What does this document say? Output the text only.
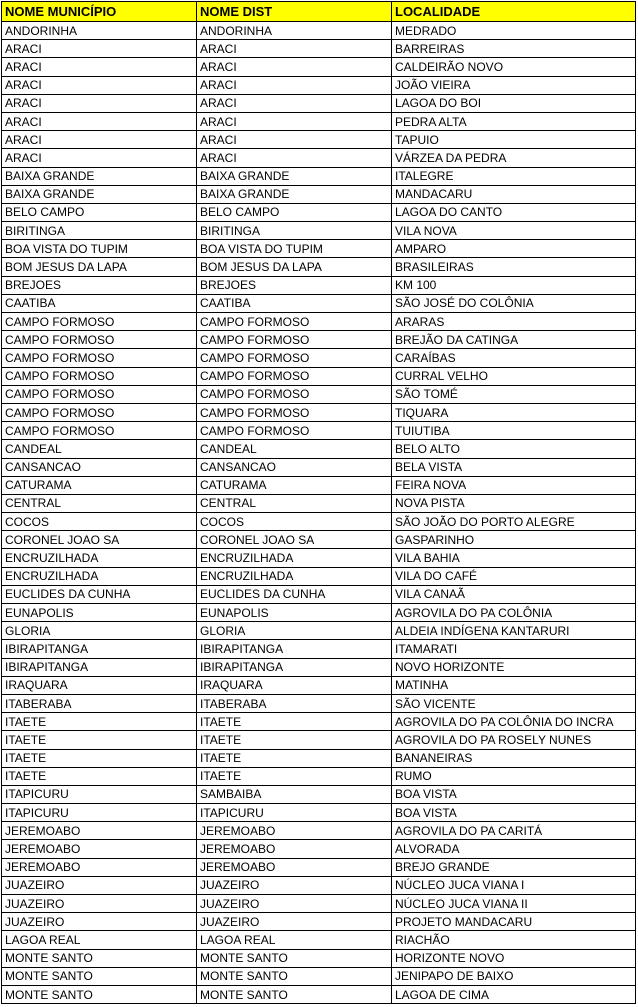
NOME MUNICÍPIO	NOME DIST	LOCALIDADE
ANDORINHA	ANDORINHA	MEDRADO
ARACI	ARACI	BARREIRAS
ARACI	ARACI	CALDEIRÃO NOVO
ARACI	ARACI	JOÃO VIEIRA
ARACI	ARACI	LAGOA DO BOI
ARACI	ARACI	PEDRA ALTA
ARACI	ARACI	TAPUIO
ARACI	ARACI	VÁRZEA DA PEDRA
BAIXA GRANDE	BAIXA GRANDE	ITALEGRE
BAIXA GRANDE	BAIXA GRANDE	MANDACARU
BELO CAMPO	BELO CAMPO	LAGOA DO CANTO
BIRITINGA	BIRITINGA	VILA NOVA
BOA VISTA DO TUPIM	BOA VISTA DO TUPIM	AMPARO
BOM JESUS DA LAPA	BOM JESUS DA LAPA	BRASILEIRAS
BREJOES	BREJOES	KM 100
CAATIBA	CAATIBA	SÃO JOSÉ DO COLÔNIA
CAMPO FORMOSO	CAMPO FORMOSO	ARARAS
CAMPO FORMOSO	CAMPO FORMOSO	BREJÃO DA CATINGA
CAMPO FORMOSO	CAMPO FORMOSO	CARAÍBAS
CAMPO FORMOSO	CAMPO FORMOSO	CURRAL VELHO
CAMPO FORMOSO	CAMPO FORMOSO	SÃO TOMÉ
CAMPO FORMOSO	CAMPO FORMOSO	TIQUARA
CAMPO FORMOSO	CAMPO FORMOSO	TUIUTIBA
CANDEAL	CANDEAL	BELO ALTO
CANSANCAO	CANSANCAO	BELA VISTA
CATURAMA	CATURAMA	FEIRA NOVA
CENTRAL	CENTRAL	NOVA PISTA
COCOS	COCOS	SÃO JOÃO DO PORTO ALEGRE
CORONEL JOAO SA	CORONEL JOAO SA	GASPARINHO
ENCRUZILHADA	ENCRUZILHADA	VILA BAHIA
ENCRUZILHADA	ENCRUZILHADA	VILA DO CAFÉ
EUCLIDES DA CUNHA	EUCLIDES DA CUNHA	VILA CANAÃ
EUNAPOLIS	EUNAPOLIS	AGROVILA DO PA COLÔNIA
GLORIA	GLORIA	ALDEIA INDÍGENA KANTARURI
IBIRAPITANGA	IBIRAPITANGA	ITAMARATI
IBIRAPITANGA	IBIRAPITANGA	NOVO HORIZONTE
IRAQUARA	IRAQUARA	MATINHA
ITABERABA	ITABERABA	SÃO VICENTE
ITAETE	ITAETE	AGROVILA DO PA COLÔNIA DO INCRA
ITAETE	ITAETE	AGROVILA DO PA ROSELY NUNES
ITAETE	ITAETE	BANANEIRAS
ITAETE	ITAETE	RUMO
ITAPICURU	SAMBAIBA	BOA VISTA
ITAPICURU	ITAPICURU	BOA VISTA
JEREMOABO	JEREMOABO	AGROVILA DO PA CARITÁ
JEREMOABO	JEREMOABO	ALVORADA
JEREMOABO	JEREMOABO	BREJO GRANDE
JUAZEIRO	JUAZEIRO	NÚCLEO JUCA VIANA I
JUAZEIRO	JUAZEIRO	NÚCLEO JUCA VIANA II
JUAZEIRO	JUAZEIRO	PROJETO MANDACARU
LAGOA REAL	LAGOA REAL	RIACHÃO
MONTE SANTO	MONTE SANTO	HORIZONTE NOVO
MONTE SANTO	MONTE SANTO	JENIPAPO DE BAIXO
MONTE SANTO	MONTE SANTO	LAGOA DE CIMA
